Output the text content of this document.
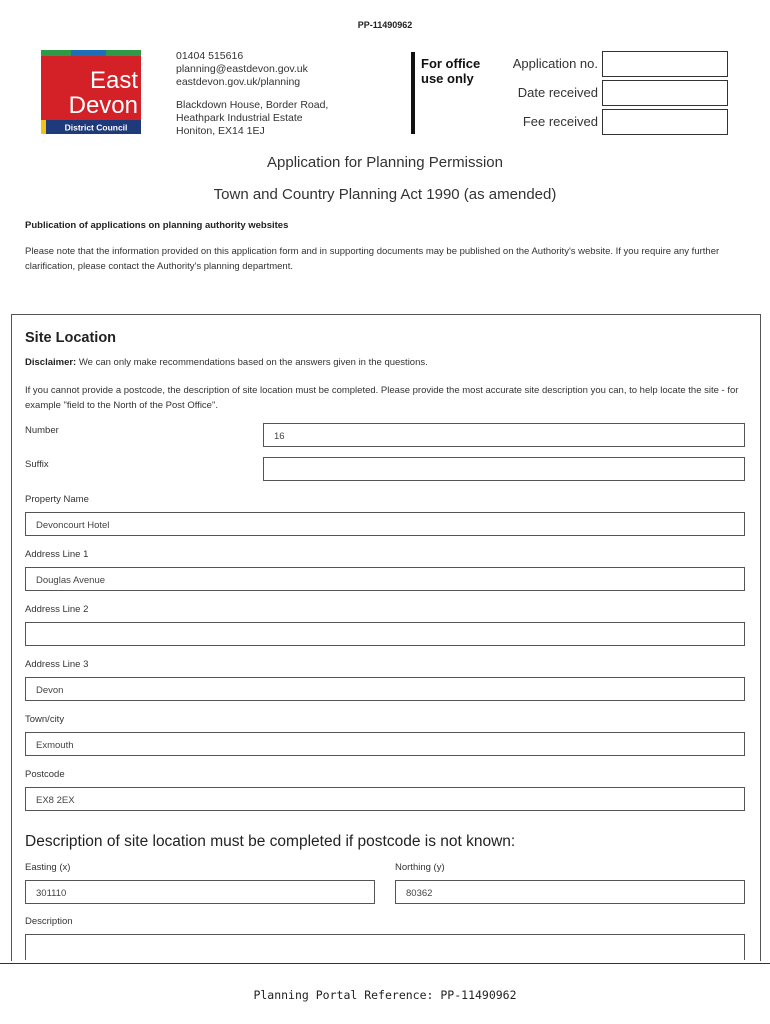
PP-11490962
East
Devon
District Council
01404 515616
planning@eastdevon.gov.uk
eastdevon.gov.uk/planning
Blackdown House, Border Road,
Heathpark Industrial Estate
Honiton, EX14 1EJ
For office
use only
Application no.
Date received
Fee received
Application for Planning Permission
Town and Country Planning Act 1990 (as amended)
Publication of applications on planning authority websites
Please note that the information provided on this application form and in supporting documents may be published on the Authority's website. If you require any further clarification, please contact the Authority's planning department.
Site Location
Disclaimer: We can only make recommendations based on the answers given in the questions.
If you cannot provide a postcode, the description of site location must be completed. Please provide the most accurate site description you can, to help locate the site - for example "field to the North of the Post Office".
Number
16
Suffix
Property Name
Devoncourt Hotel
Address Line 1
Douglas Avenue
Address Line 2
Address Line 3
Devon
Town/city
Exmouth
Postcode
EX8 2EX
Description of site location must be completed if postcode is not known:
Easting (x)
301110
Northing (y)
80362
Description
Planning Portal Reference: PP-11490962
